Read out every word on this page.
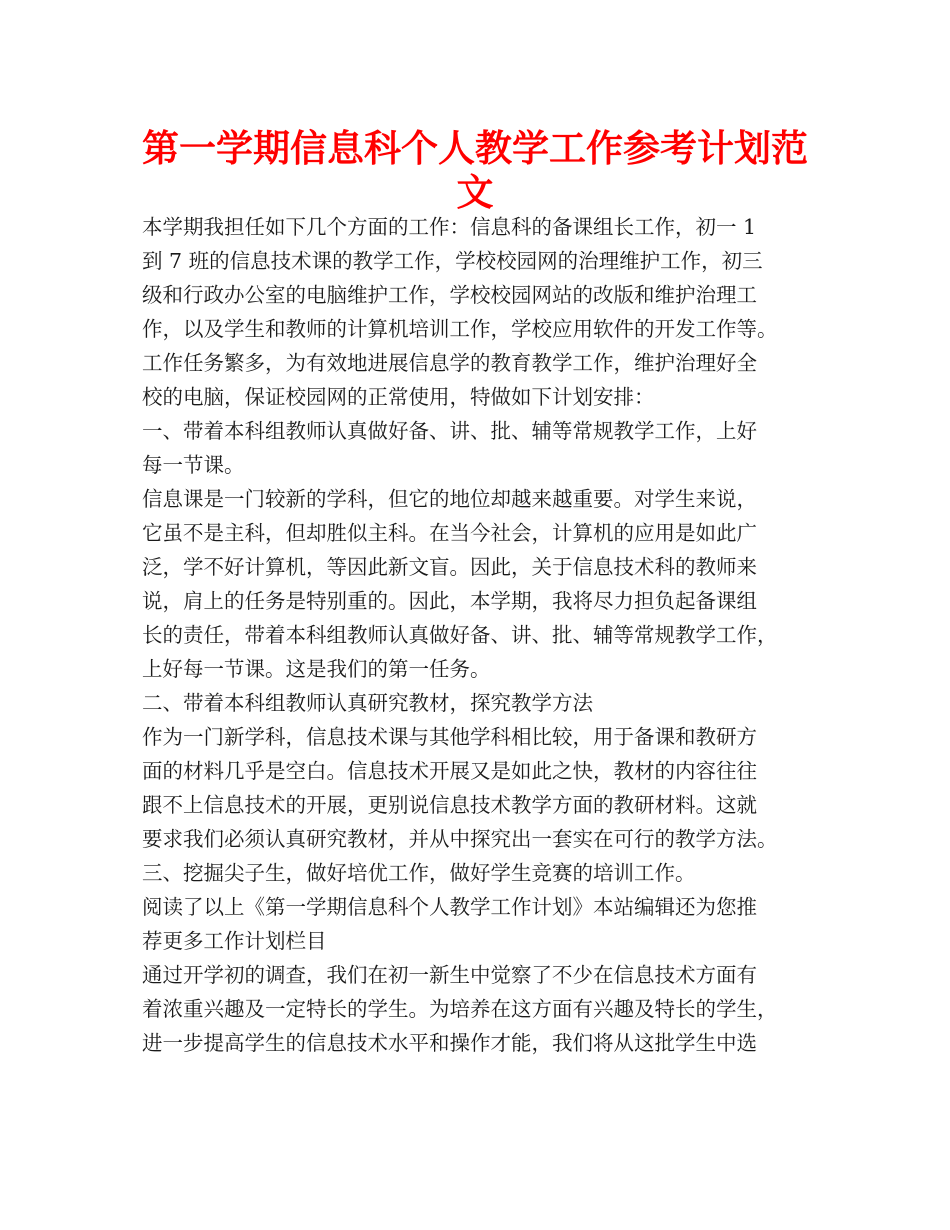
第一学期信息科个人教学工作参考计划范
文
本学期我担任如下几个方面的工作：信息科的备课组长工作，初一 1
到 7 班的信息技术课的教学工作，学校校园网的治理维护工作，初三
级和行政办公室的电脑维护工作，学校校园网站的改版和维护治理工
作，以及学生和教师的计算机培训工作，学校应用软件的开发工作等。
工作任务繁多，为有效地进展信息学的教育教学工作，维护治理好全
校的电脑，保证校园网的正常使用，特做如下计划安排：
一、带着本科组教师认真做好备、讲、批、辅等常规教学工作，上好
每一节课。
信息课是一门较新的学科，但它的地位却越来越重要。对学生来说，
它虽不是主科，但却胜似主科。在当今社会，计算机的应用是如此广
泛，学不好计算机，等因此新文盲。因此，关于信息技术科的教师来
说，肩上的任务是特别重的。因此，本学期，我将尽力担负起备课组
长的责任，带着本科组教师认真做好备、讲、批、辅等常规教学工作，
上好每一节课。这是我们的第一任务。
二、带着本科组教师认真研究教材，探究教学方法
作为一门新学科，信息技术课与其他学科相比较，用于备课和教研方
面的材料几乎是空白。信息技术开展又是如此之快，教材的内容往往
跟不上信息技术的开展，更别说信息技术教学方面的教研材料。这就
要求我们必须认真研究教材，并从中探究出一套实在可行的教学方法。
三、挖掘尖子生，做好培优工作，做好学生竞赛的培训工作。
阅读了以上《第一学期信息科个人教学工作计划》本站编辑还为您推
荐更多工作计划栏目
通过开学初的调查，我们在初一新生中觉察了不少在信息技术方面有
着浓重兴趣及一定特长的学生。为培养在这方面有兴趣及特长的学生，
进一步提高学生的信息技术水平和操作才能，我们将从这批学生中选
